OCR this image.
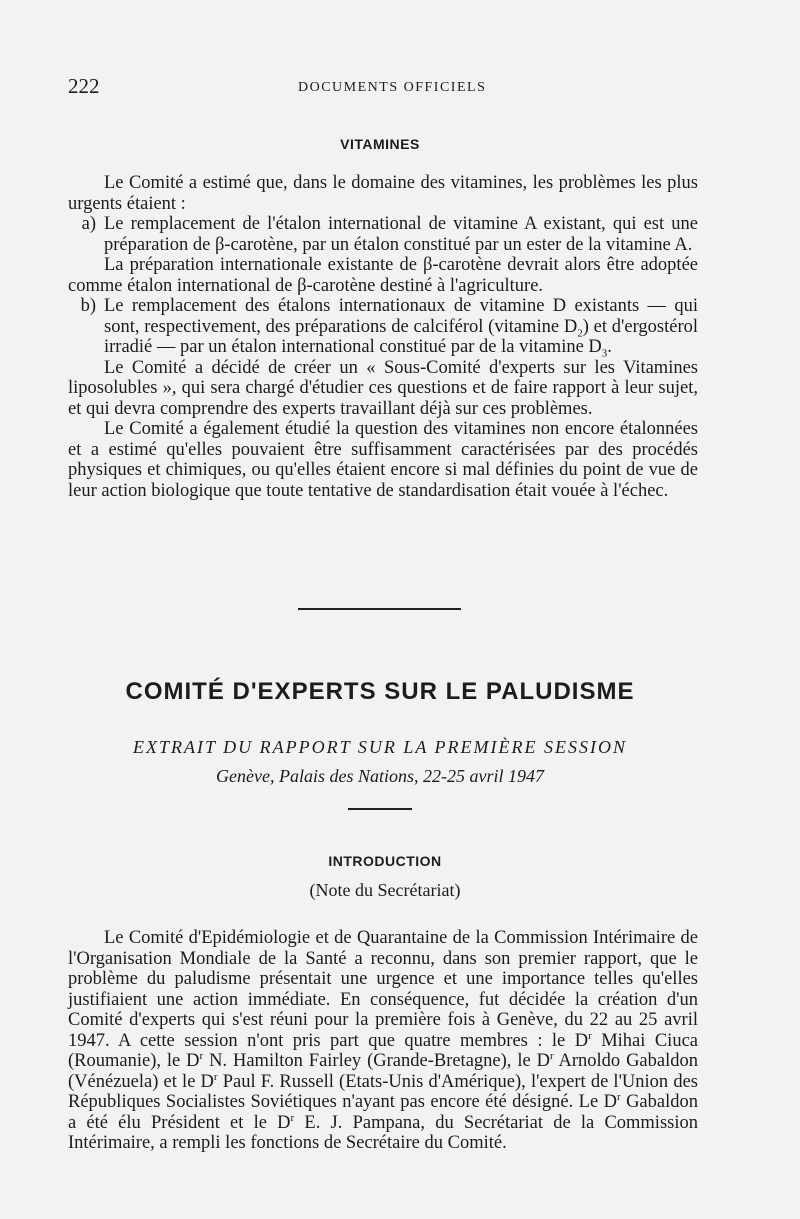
222	DOCUMENTS OFFICIELS
VITAMINES

Le Comité a estimé que, dans le domaine des vitamines, les problèmes les plus urgents étaient :

a) Le remplacement de l'étalon international de vitamine A existant, qui est une préparation de β-carotène, par un étalon constitué par un ester de la vitamine A.

La préparation internationale existante de β-carotène devrait alors être adoptée comme étalon international de β-carotène destiné à l'agriculture.

b) Le remplacement des étalons internationaux de vitamine D existants — qui sont, respectivement, des préparations de calciférol (vitamine $D_2$) et d'ergostérol irradié — par un étalon international constitué par de la vitamine $D_3$.

Le Comité a décidé de créer un « Sous-Comité d'experts sur les Vitamines liposolubles », qui sera chargé d'étudier ces questions et de faire rapport à leur sujet, et qui devra comprendre des experts travaillant déjà sur ces problèmes.

Le Comité a également étudié la question des vitamines non encore étalonnées et a estimé qu'elles pouvaient être suffisamment caractérisées par des procédés physiques et chimiques, ou qu'elles étaient encore si mal définies du point de vue de leur action biologique que toute tentative de standardisation était vouée à l'échec.

COMITÉ D'EXPERTS SUR LE PALUDISME
EXTRAIT DU RAPPORT SUR LA PREMIÈRE SESSION
Genève, Palais des Nations, 22-25 avril 1947
INTRODUCTION
(Note du Secrétariat)

Le Comité d'Epidémiologie et de Quarantaine de la Commission Intérimaire de l'Organisation Mondiale de la Santé a reconnu, dans son premier rapport, que le problème du paludisme présentait une urgence et une importance telles qu'elles justifiaient une action immédiate. En conséquence, fut décidée la création d'un Comité d'experts qui s'est réuni pour la première fois à Genève, du 22 au 25 avril 1947. A cette session n'ont pris part que quatre membres : le $D^r$ Mihai Ciuca (Roumanie), le $D^r$ N. Hamilton Fairley (Grande-Bretagne), le $D^r$ Arnoldo Gabaldon (Vénézuela) et le $D^r$ Paul F. Russell (Etats-Unis d'Amérique), l'expert de l'Union des Républiques Socialistes Soviétiques n'ayant pas encore été désigné. Le $D^r$ Gabaldon a été élu Président et le $D^r$ E. J. Pampana, du Secrétariat de la Commission Intérimaire, a rempli les fonctions de Secrétaire du Comité.
